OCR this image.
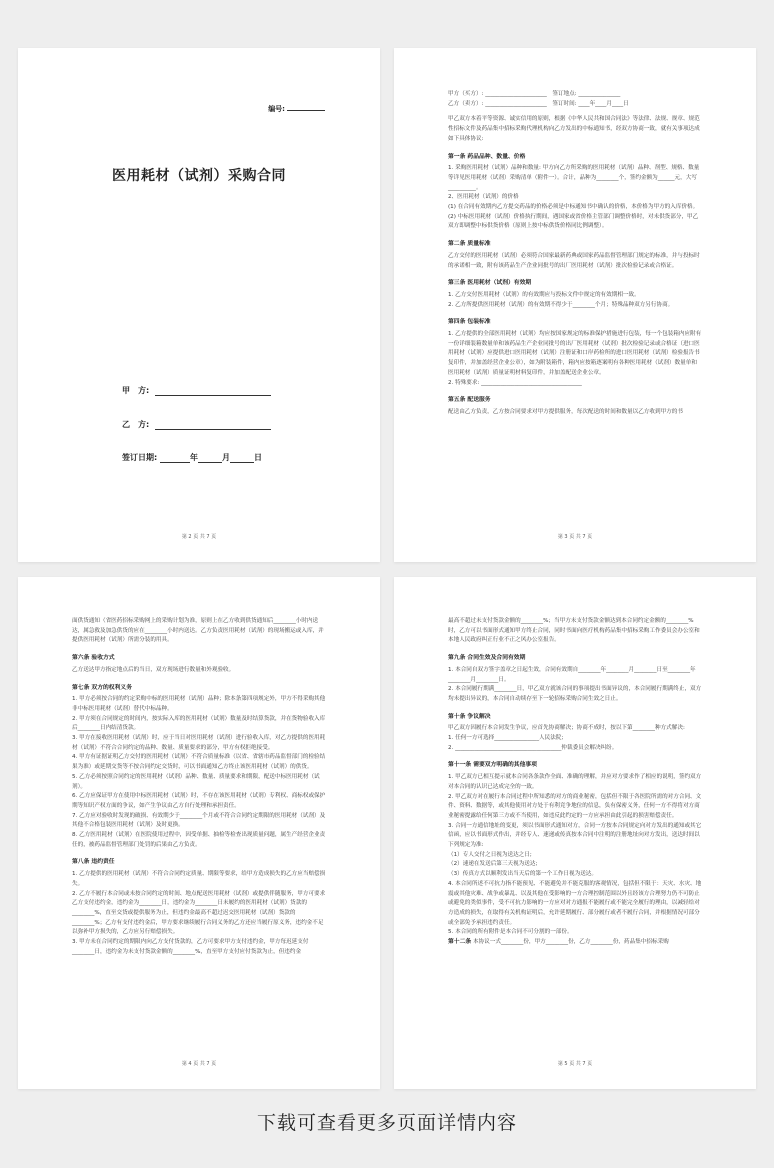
编号:
医用耗材（试剂）采购合同
甲　方:
乙　方:
签订日期:	年	月	日
第 2 页 共 7 页

甲方（买方）: ______________________　签订地点: _______________

乙方（卖方）: ______________________　签订时间: ____年____月____日

甲乙双方本着平等资源、诚实信用的原则，根据《中华人民共和国合同法》等法律、法规、规章、规范性招标文件及药品集中招标采购代理机构向乙方发出的中标通知书，经双方协商一致，就有关事项达成如下具体协议:

第一条 药品品种、数量、价格

1. 采购医用耗材（试剂）品种和数量: 甲方向乙方所采购的医用耗材（试剂）品种、剂型、规格、数量等详见医用耗材（试剂）采购清单（附件一）。合计，品种为________个，签约金额为______元，大写__________。

2、医用耗材（试剂）的价格

(1) 在合同有效期内乙方提交药品的价格必须是中标通知书中确认的价格，本价格为甲方的入库价格。

(2) 中标医用耗材（试剂）价格执行期间，遇国家或省价格主管部门调整价格时，对未供货部分，甲乙双方即调整中标供货价格（原则上按中标供货价格同比例调整）。

第二条 质量标准

乙方交付的医用耗材（试剂）必须符合国家最新药典或国家药品监督管理部门规定的标准，并与投标时的承诺相一致，附有该药品生产企业同批号的出厂医用耗材（试剂）批次检验记录或合格证。

第三条 医用耗材（试剂）有效期

1. 乙方交付医用耗材（试剂）的有效期应与投标文件中规定的有效期相一致。

2. 乙方所提供医用耗材（试剂）的有效期不得少于________个月；特殊品种双方另行协商。

第四条 包装标准

1. 乙方提供的全部医用耗材（试剂）均应按国家规定的标准保护措施进行包装，每一个包装箱内应附有一份详细装箱数量单和该药品生产企业同批号的出厂医用耗材（试剂）批次检验记录或合格证（进口医用耗材（试剂）应提供进口医用耗材（试剂）注册证和口岸药检所的进口医用耗材（试剂）检验报告书复印件，并加盖经营企业公章），如为附装箱件，箱内应按箱逐案明有各种医用耗材（试剂）数量单和医用耗材（试剂）质量证明材料复印件，并加盖配送企业公章。

2. 特殊要求: ____________________________________

第五条 配送服务

配送由乙方负责，乙方按合同要求对甲方提供服务，每次配送的时间和数量以乙方收到甲方的书

第 3 页 共 7 页

面供货通知（省医药招标采购网上的采购计划为准，原则上在乙方收到供货通知后________小时内送达，属急救及加急供货的应在________小时内送达。乙方负责医用耗材（试剂）的现场搬运或入库，并提供医用耗材（试剂）所需分装的用具。

第六条 验收方式

乙方送达甲方指定地点后的当日，双方现场进行数量和外观验收。

第七条 双方的权利义务

1. 甲方必须按合同的约定采购中标的医用耗材（试剂）品种；除本条第四项规定外，甲方不得采购其他非中标医用耗材（试剂）替代中标品种。

2. 甲方须在合同规定的时间内，按实际入库的医用耗材（试剂）数量及时结算货款，并在货物验收入库后________日内结清货款。

3. 甲方在接收医用耗材（试剂）时，应于当日对医用耗材（试剂）进行验收入库，对乙方提供的医用耗材（试剂）不符合合同约定的品种、数量、质量要求的部分，甲方有权拒绝接受。

4. 甲方有证据证明乙方交付的医用耗材（试剂）不符合质量标准（以省、省辖市药品监督部门的检验结果为准）或延期交货等不按合同约定交货时，可以书面通知乙方终止该医用耗材（试剂）的供货。

5. 乙方必须按照合同约定的医用耗材（试剂）品种、数量、质量要求和期限，配送中标医用耗材（试剂）。

6. 乙方应保证甲方在使用中标医用耗材（试剂）时，不存在该医用耗材（试剂）专利权、商标权或保护期等知识产权方面的争议，如产生争议由乙方自行处理和承担责任。

7. 乙方应对验收时发现的破损、有效期少于________个月或不符合合同约定期限的医用耗材（试剂）及其他不合格包装医用耗材（试剂）及时更换。

8. 乙方医用耗材（试剂）在医院使用过程中，因受单据、抽检等检查出现质量问题，属生产经营企业责任的，被药品监督管理部门处罚的后果由乙方负责。

第八条 违约责任

1. 乙方提供的医用耗材（试剂）不符合合同约定质量、期限等要求，给甲方造成损失的乙方应当赔偿损失。

2. 乙方不履行本合同或未按合同约定的时间、地点配送医用耗材（试剂）或提供伴随服务，甲方可要求乙方支付违约金，违约金为________日，违约金为________日未履约的医用耗材（试剂）货款的________%，直至交货或提供服务为止，但违约金最高不超过迟交医用耗材（试剂）货款的________%；乙方有支付违约金后，甲方要求继续履行合同义务的乙方还应当履行原义务，违约金不足以弥补甲方损失的，乙方应另行赔偿损失。

3. 甲方未在合同约定的期限内向乙方支付货款的，乙方可要求甲方支付违约金，甲方每迟延支付________日，违约金为未支付货款金额的________%，直至甲方支付应付货款为止，但违约金

第 4 页 共 7 页

最高不超过未支付货款金额的________%；当甲方未支付货款金额达到本合同约定金额的________%时，乙方可以书面形式通知甲方终止合同，同时书面向医疗机构药品集中招标采购工作委员会办公室和本地人民政府纠正行业不正之风办公室报告。

第九条 合同生效及合同有效期

1. 本合同自双方签字盖章之日起生效，合同有效期自________年________月________日至________年________月________日。

2. 本合同履行期满________日，甲乙双方就该合同的事项提出书面异议的，本合同履行期满终止，双方均未提出异议的，本合同自动续存至下一轮招标采购合同生效之日止。

第十条 争议解决

甲乙双方因履行本合同发生争议，应首先协商解决；协商不成时，按以下第________种方式解决:

1. 任何一方可选择________________人民法院;

2. ______________________________________仲裁委员会解决纠纷。

第十一条 需要双方明确的其他事项

1. 甲乙双方已相互提示就本合同各条款作全面、准确的理解，并应对方要求作了相应的说明，签约双方对本合同的认识已达成完全的一致。

2. 甲乙双方对在履行本合同过程中所知悉的对方的商业秘密，包括但不限于各医院所需的对方合同、文件、资料、数据等，或其他使用对方处于有利竞争地位的信息，负有保密义务，任何一方不得将对方商业秘密提露给任何第三方或不当使用，如违反此约定的一方应承担由此引起的损害赔偿责任。

3. 合同一方通信地址的变更，须以书面形式通知对方，合同一方按本合同规定向对方发出的通知或其它信函，应以书面形式作出，并经专人、速递或传真按本合同中注明的注册地址向对方发出，送达时间以下列规定为准:

（1）专人交付之日视为送达之日;

（2）速递在发送后第三天视为送达;

（3）传真方式以顺利发出当天后的第一个工作日视为送达。

4. 本合同所述不可抗力指不能预见、不能避免并不能克服的客观情况，包括但不限于：天灾、水灾、地震或其他灾难、战争或暴乱、以及其他在受影响的一方合理控制范围以外且经该方合理努力仍不可防止或避免的类似事件，受不可抗力影响的一方应对对方通报不能履行或不能完全履行的理由，以减轻给对方造成的损失，在取得有关机构证明后，允许延期履行、部分履行或者不履行合同，并根据情况可部分或全部免予承担违约责任。

5. 本合同的所有附件是本合同不可分割的一部份。

第十二条 本协议一式________份，甲方________份，乙方________份，药品集中招标采购
第 5 页 共 7 页
下载可查看更多页面详情内容
